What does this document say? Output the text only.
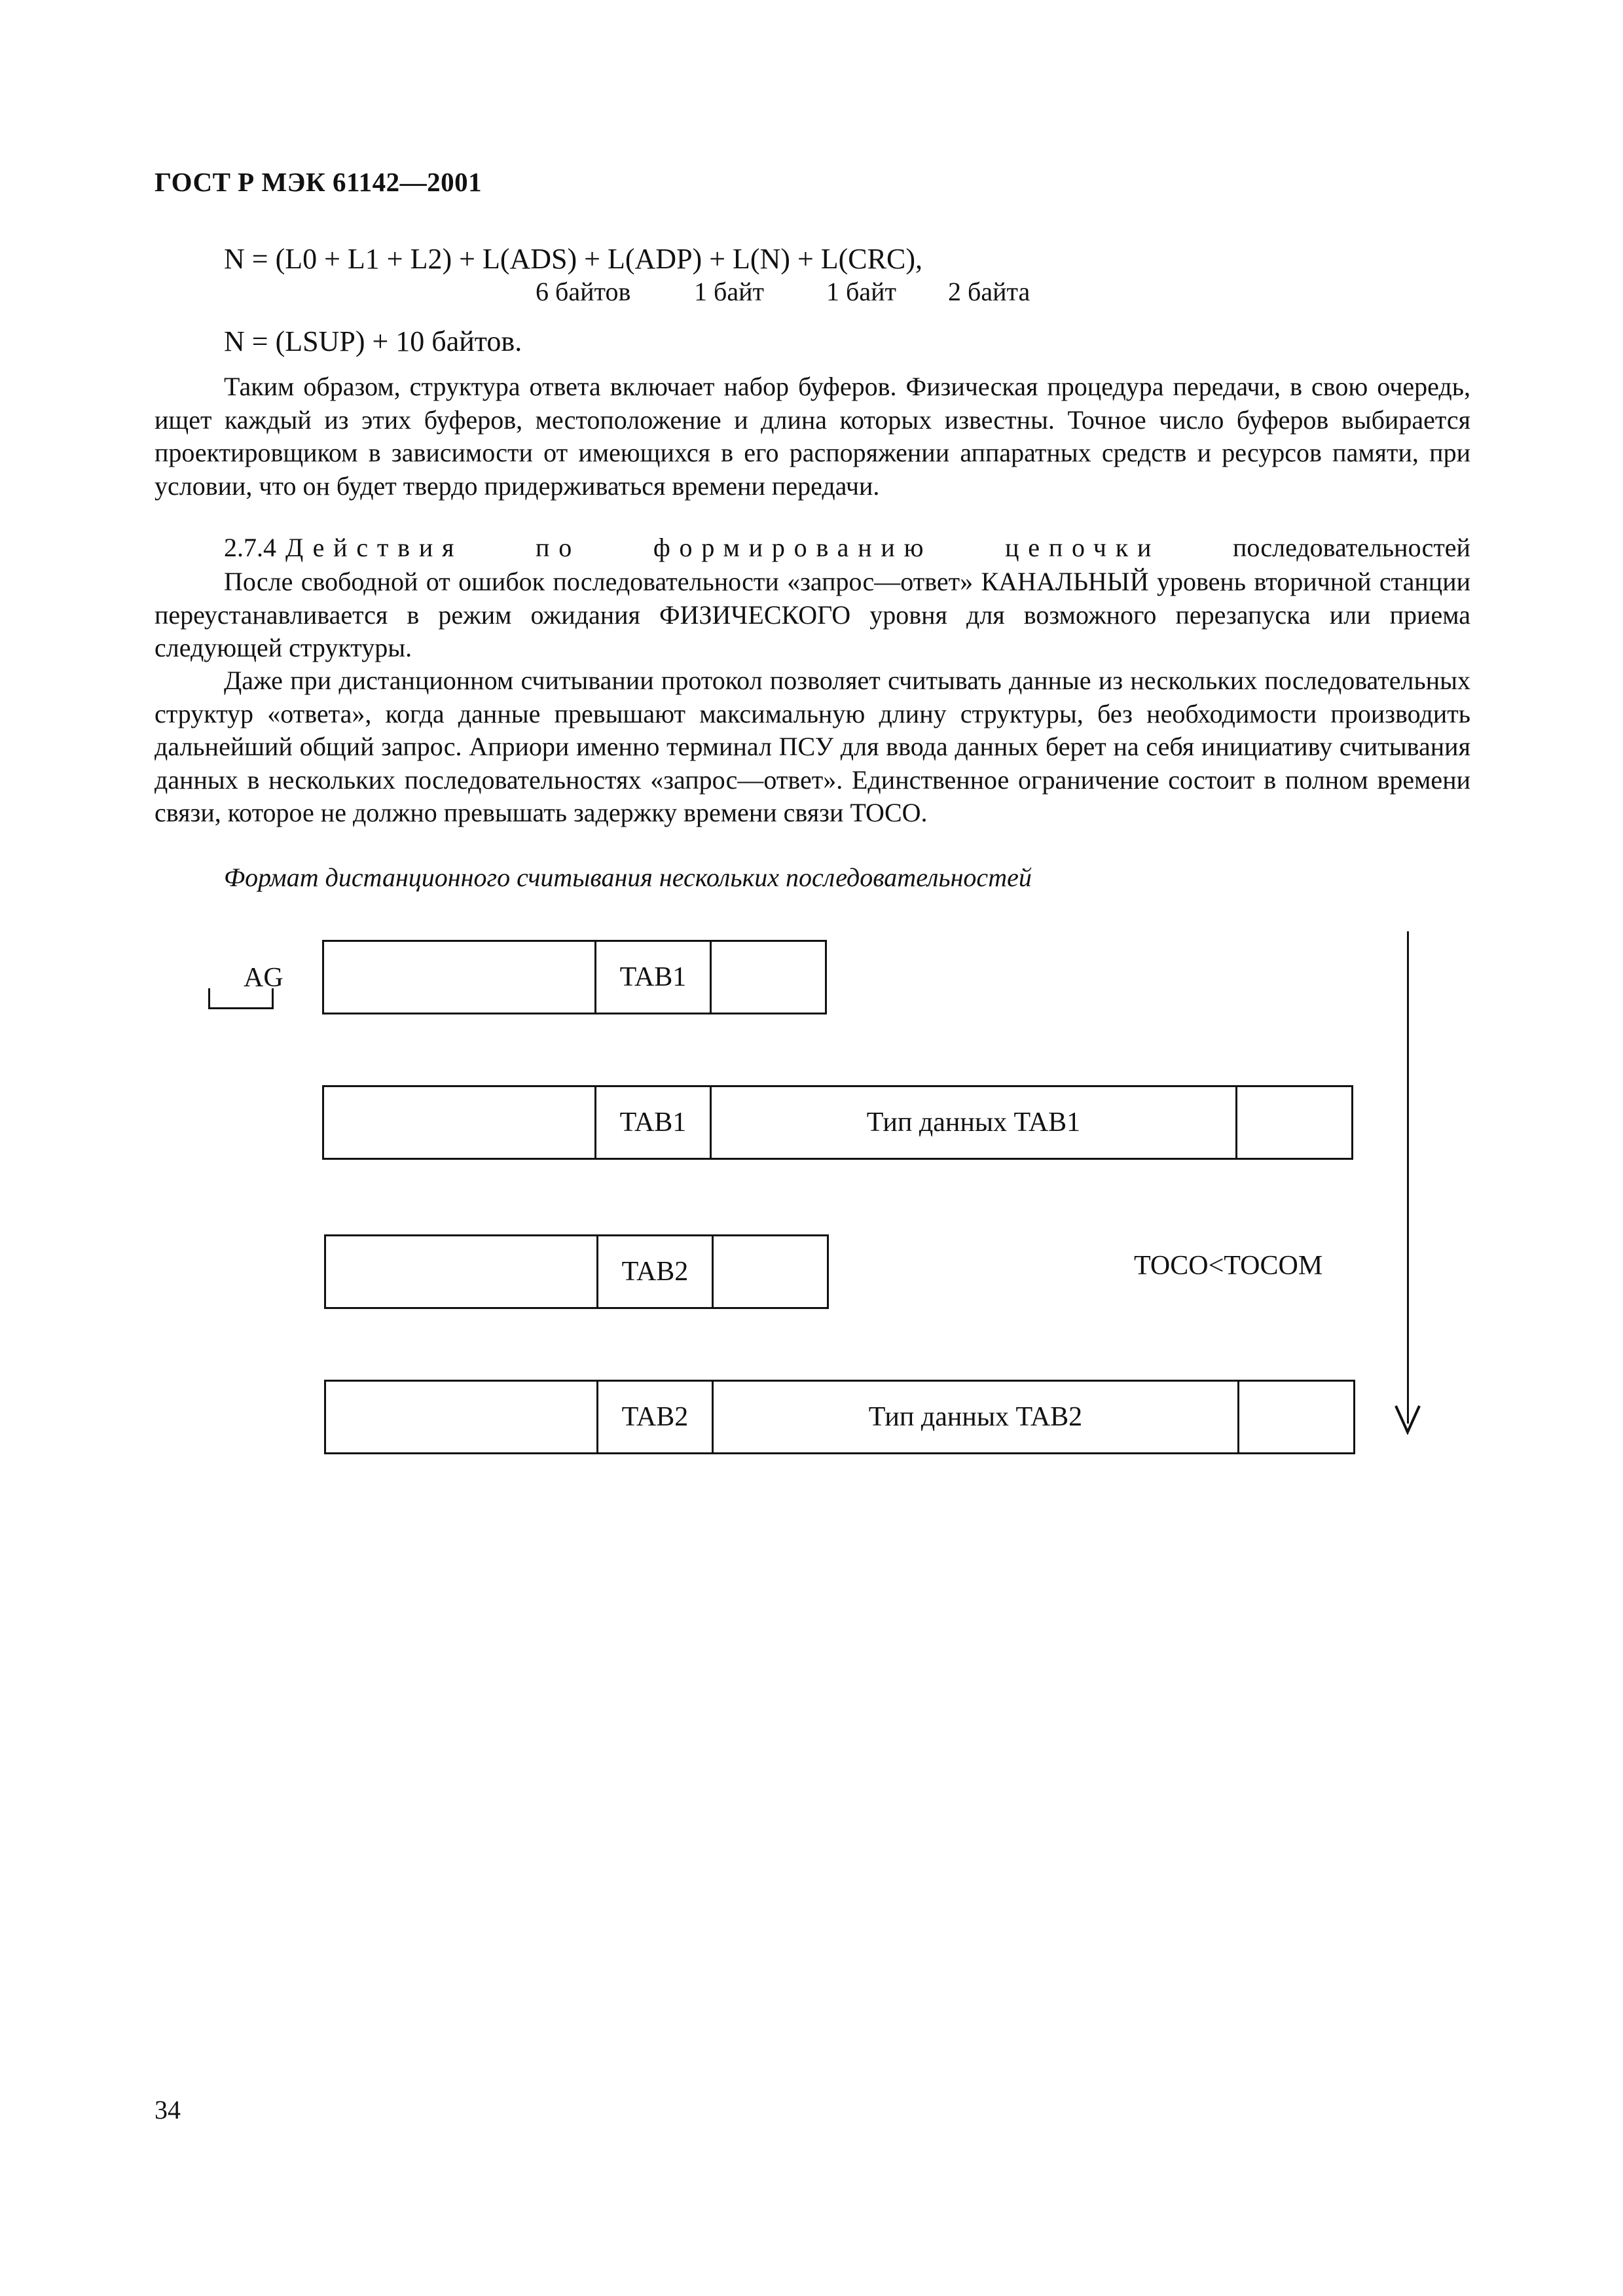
ГОСТ Р МЭК 61142—2001
N = (L0 + L1 + L2) + L(ADS) + L(ADP) + L(N) + L(CRC),
6 байтов 1 байт 1 байт 2 байта
N = (LSUP) + 10 байтов.
Таким образом, структура ответа включает набор буферов. Физическая процедура передачи, в свою очередь, ищет каждый из этих буферов, местоположение и длина которых известны. Точное число буферов выбирается проектировщиком в зависимости от имеющихся в его распоряжении аппаратных средств и ресурсов памяти, при условии, что он будет твердо придерживаться времени передачи.
2.7.4 Действия	по	формированию	цепочки	последовательностей
После свободной от ошибок последовательности «запрос—ответ» КАНАЛЬНЫЙ уровень вторичной станции переустанавливается в режим ожидания ФИЗИЧЕСКОГО уровня для возможного перезапуска или приема следующей структуры.
Даже при дистанционном считывании протокол позволяет считывать данные из нескольких последовательных структур «ответа», когда данные превышают максимальную длину структуры, без необходимости производить дальнейший общий запрос. Априори именно терминал ПСУ для ввода данных берет на себя инициативу считывания данных в нескольких последовательностях «запрос—ответ». Единственное ограничение состоит в полном времени связи, которое не должно превышать задержку времени связи TOCO.
Формат дистанционного считывания нескольких последовательностей
AG	TAB1
TAB1	Тип данных TAB1
TAB2	TOCO<TOCOM
TAB2	Тип данных TAB2
34
